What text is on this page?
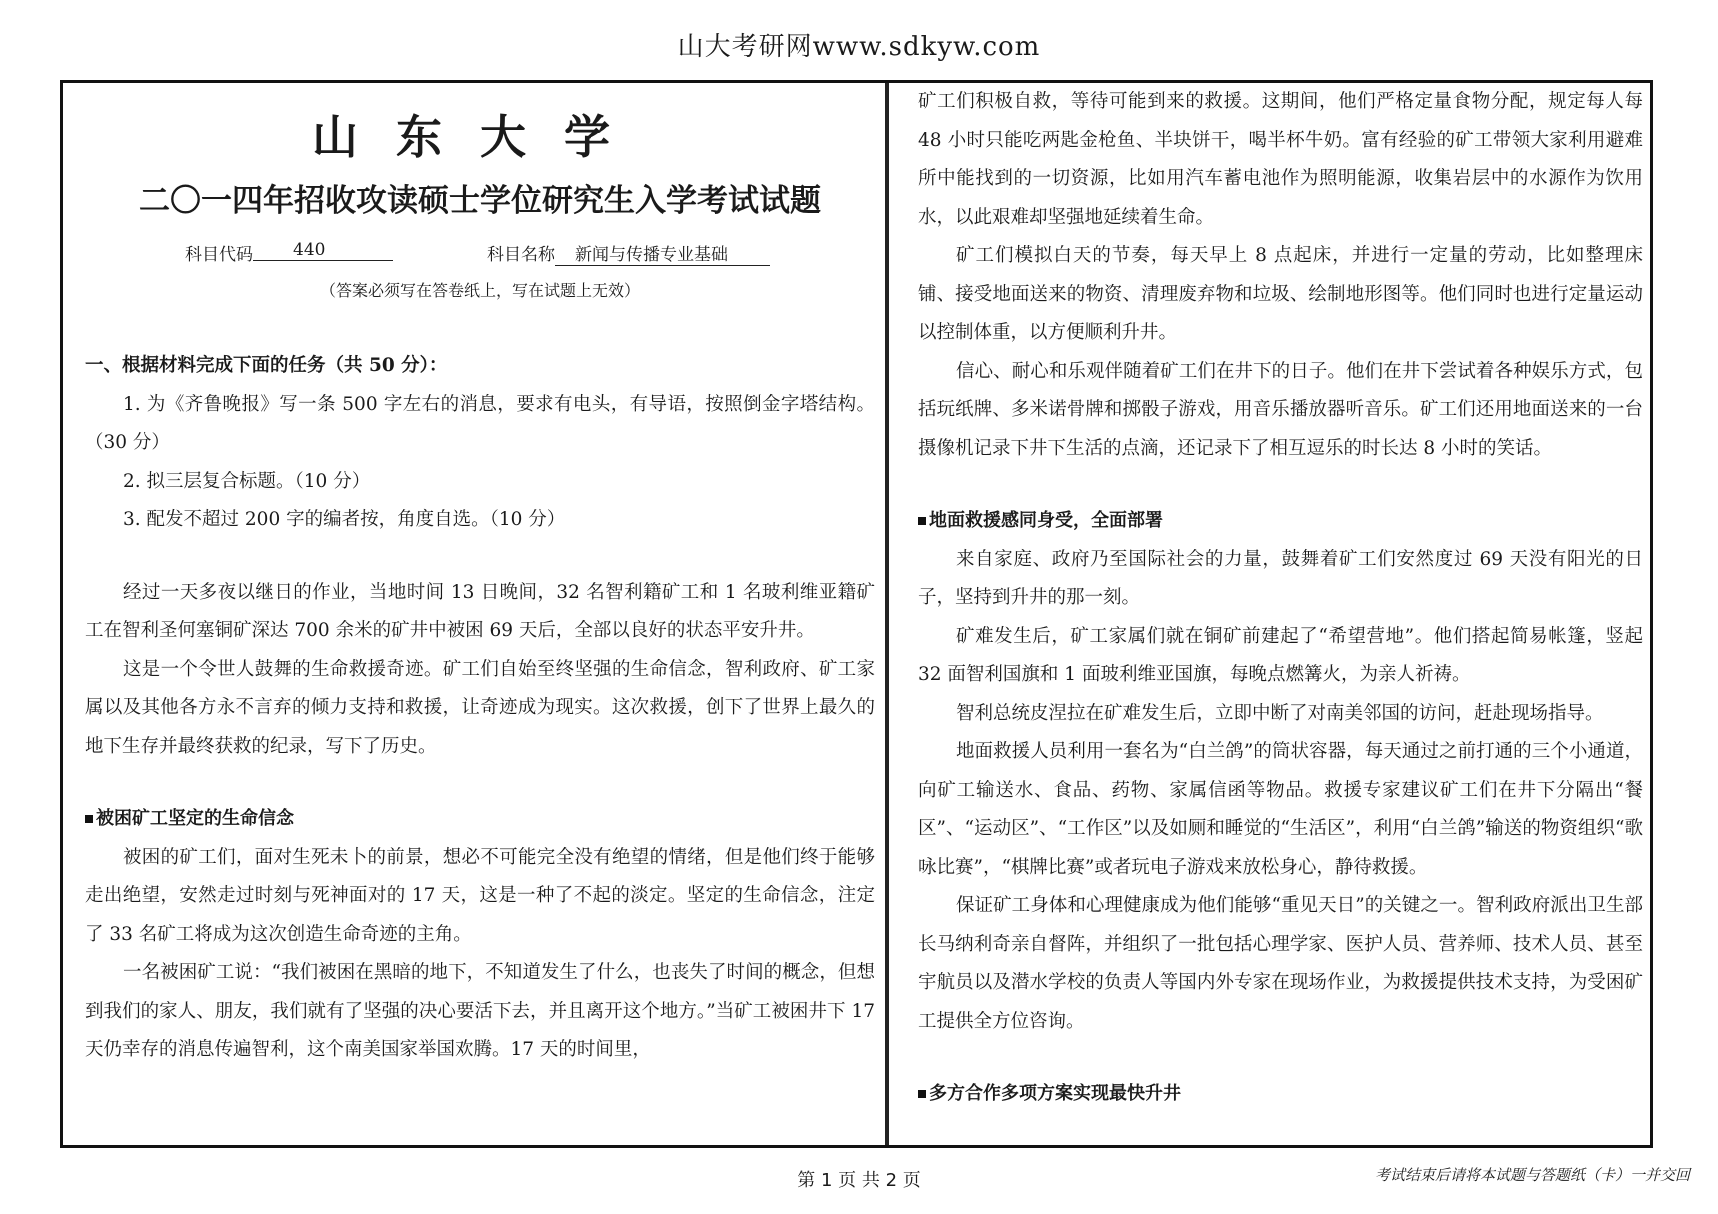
山大考研网www.sdkyw.com
山东大学
二〇一四年招收攻读硕士学位研究生入学考试试题
科目代码	440	科目名称	新闻与传播专业基础
（答案必须写在答卷纸上，写在试题上无效）

一、根据材料完成下面的任务（共 50 分）：

1. 为《齐鲁晚报》写一条 500 字左右的消息，要求有电头，有导语，按照倒金字塔结构。（30 分）

2. 拟三层复合标题。（10 分）

3. 配发不超过 200 字的编者按，角度自选。（10 分）

经过一天多夜以继日的作业，当地时间 13 日晚间，32 名智利籍矿工和 1 名玻利维亚籍矿工在智利圣何塞铜矿深达 700 余米的矿井中被困 69 天后，全部以良好的状态平安升井。

这是一个令世人鼓舞的生命救援奇迹。矿工们自始至终坚强的生命信念，智利政府、矿工家属以及其他各方永不言弃的倾力支持和救援，让奇迹成为现实。这次救援，创下了世界上最久的地下生存并最终获救的纪录，写下了历史。

被困矿工坚定的生命信念

被困的矿工们，面对生死未卜的前景，想必不可能完全没有绝望的情绪，但是他们终于能够走出绝望，安然走过时刻与死神面对的 17 天，这是一种了不起的淡定。坚定的生命信念，注定了 33 名矿工将成为这次创造生命奇迹的主角。

一名被困矿工说：“我们被困在黑暗的地下，不知道发生了什么，也丧失了时间的概念，但想到我们的家人、朋友，我们就有了坚强的决心要活下去，并且离开这个地方。”当矿工被困井下 17 天仍幸存的消息传遍智利，这个南美国家举国欢腾。17 天的时间里，

矿工们积极自救，等待可能到来的救援。这期间，他们严格定量食物分配，规定每人每 48 小时只能吃两匙金枪鱼、半块饼干，喝半杯牛奶。富有经验的矿工带领大家利用避难所中能找到的一切资源，比如用汽车蓄电池作为照明能源，收集岩层中的水源作为饮用水，以此艰难却坚强地延续着生命。

矿工们模拟白天的节奏，每天早上 8 点起床，并进行一定量的劳动，比如整理床铺、接受地面送来的物资、清理废弃物和垃圾、绘制地形图等。他们同时也进行定量运动以控制体重，以方便顺利升井。

信心、耐心和乐观伴随着矿工们在井下的日子。他们在井下尝试着各种娱乐方式，包括玩纸牌、多米诺骨牌和掷骰子游戏，用音乐播放器听音乐。矿工们还用地面送来的一台摄像机记录下井下生活的点滴，还记录下了相互逗乐的时长达 8 小时的笑话。

地面救援感同身受，全面部署

来自家庭、政府乃至国际社会的力量，鼓舞着矿工们安然度过 69 天没有阳光的日子，坚持到升井的那一刻。

矿难发生后，矿工家属们就在铜矿前建起了“希望营地”。他们搭起简易帐篷，竖起 32 面智利国旗和 1 面玻利维亚国旗，每晚点燃篝火，为亲人祈祷。

智利总统皮涅拉在矿难发生后，立即中断了对南美邻国的访问，赶赴现场指导。

地面救援人员利用一套名为“白兰鸽”的筒状容器，每天通过之前打通的三个小通道，向矿工输送水、食品、药物、家属信函等物品。救援专家建议矿工们在井下分隔出“餐区”、“运动区”、“工作区”以及如厕和睡觉的“生活区”，利用“白兰鸽”输送的物资组织“歌咏比赛”，“棋牌比赛”或者玩电子游戏来放松身心，静待救援。

保证矿工身体和心理健康成为他们能够“重见天日”的关键之一。智利政府派出卫生部长马纳利奇亲自督阵，并组织了一批包括心理学家、医护人员、营养师、技术人员、甚至宇航员以及潜水学校的负责人等国内外专家在现场作业，为救援提供技术支持，为受困矿工提供全方位咨询。

多方合作多项方案实现最快升井
第 1 页 共 2 页	考试结束后请将本试题与答题纸（卡）一并交回
